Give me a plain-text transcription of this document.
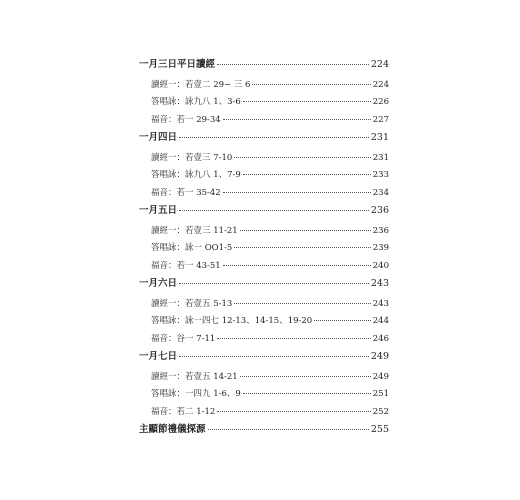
一月三日平日讀經	224
讀經一：若壹二 29~ 三 6	224
答唱詠：詠九八 1、3-6	226
福音：若一 29-34	227
一月四日	231
讀經一：若壹三 7-10	231
答唱詠：詠九八 1、7-9	233
福音：若一 35-42	234
一月五日	236
讀經一：若壹三 11-21	236
答唱詠：詠一 OO1-5	239
福音：若一 43-51	240
一月六日	243
讀經一：若壹五 5-13	243
答唱詠：詠一四七 12-13、14-15、19-20	244
福音：谷一 7-11	246
一月七日	249
讀經一：若壹五 14-21	249
答唱詠：一四九 1-6、9	251
福音：若二 1-12	252
主顯節禮儀探源	255
